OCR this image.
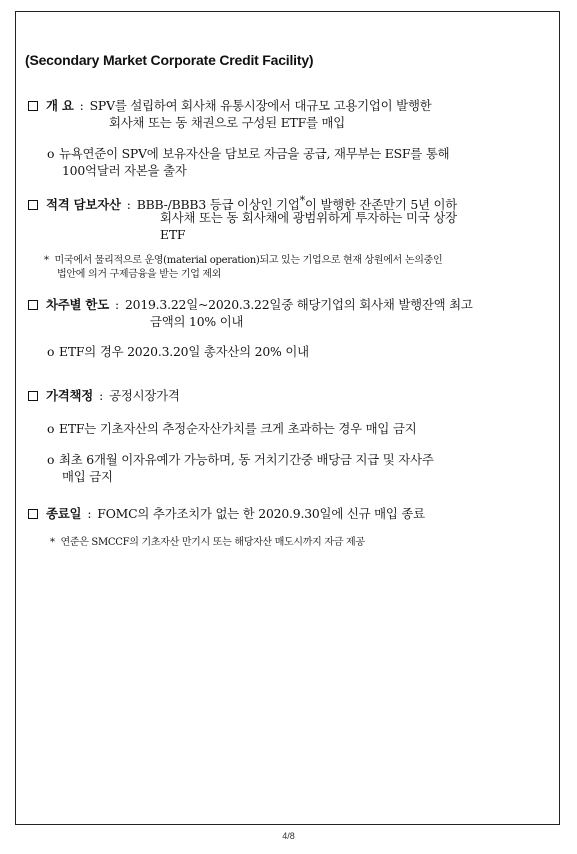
(Secondary Market Corporate Credit Facility)
개 요 : SPV를 설립하여 회사채 유통시장에서 대규모 고용기업이 발행한
회사채 또는 동 채권으로 구성된 ETF를 매입
o 뉴욕연준이 SPV에 보유자산을 담보로 자금을 공급, 재무부는 ESF를 통해
100억달러 자본을 출자
적격 담보자산 : BBB-/BBB3 등급 이상인 기업*이 발행한 잔존만기 5년 이하
회사채 또는 동 회사채에 광범위하게 투자하는 미국 상장
ETF
* 미국에서 물리적으로 운영(material operation)되고 있는 기업으로 현재 상원에서 논의중인
법안에 의거 구제금융을 받는 기업 제외
차주별 한도 : 2019.3.22일~2020.3.22일중 해당기업의 회사채 발행잔액 최고
금액의 10% 이내
o ETF의 경우 2020.3.20일 총자산의 20% 이내
가격책정 : 공정시장가격
o ETF는 기초자산의 추정순자산가치를 크게 초과하는 경우 매입 금지
o 최초 6개월 이자유예가 가능하며, 동 거치기간중 배당금 지급 및 자사주
매입 금지
종료일 : FOMC의 추가조치가 없는 한 2020.9.30일에 신규 매입 종료
* 연준은 SMCCF의 기초자산 만기시 또는 해당자산 매도시까지 자금 제공
4/8
